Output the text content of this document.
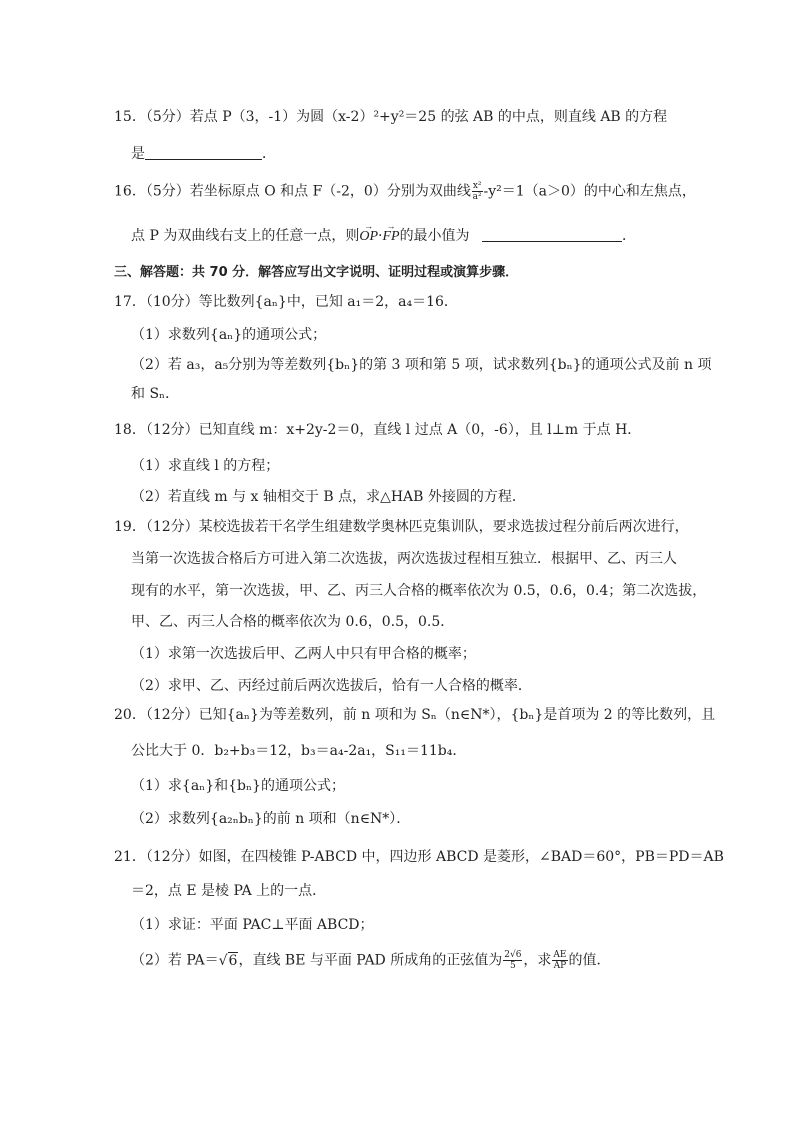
15．（5分）若点 P（3，-1）为圆（x-2）²+y²＝25 的弦 AB 的中点，则直线 AB 的方程
是	．
16．（5分）若坐标原点 O 和点 F（-2，0）分别为双曲线 $\frac{\text{x²}}{\text{a²}} -y^2=1(a>0)$的中心和左焦点，
点 P 为双曲线右支上的任意一点，则→ OP·→ FP的最小值为	．
三、解答题：共 70 分．解答应写出文字说明、证明过程或演算步骤．
17．（10分）等比数列{aₙ}中，已知 a₁＝2，a₄＝16．
（1）求数列{aₙ}的通项公式；
（2）若 a₃，a₅分别为等差数列{bₙ}的第 3 项和第 5 项，试求数列{bₙ}的通项公式及前 n 项
和 Sₙ．
18．（12分）已知直线 m：x+2y-2＝0，直线 l 过点 A（0，-6），且 l⊥m 于点 H．
（1）求直线 l 的方程；
（2）若直线 m 与 x 轴相交于 B 点，求△HAB 外接圆的方程．
19．（12分）某校选拔若干名学生组建数学奥林匹克集训队，要求选拔过程分前后两次进行，
当第一次选拔合格后方可进入第二次选拔，两次选拔过程相互独立．根据甲、乙、丙三人
现有的水平，第一次选拔，甲、乙、丙三人合格的概率依次为 0.5，0.6，0.4；第二次选拔，
甲、乙、丙三人合格的概率依次为 0.6，0.5，0.5．
（1）求第一次选拔后甲、乙两人中只有甲合格的概率；
（2）求甲、乙、丙经过前后两次选拔后，恰有一人合格的概率．
20．（12分）已知{aₙ}为等差数列，前 n 项和为 Sₙ（n∈N*），{bₙ}是首项为 2 的等比数列，且
公比大于 0．b₂+b₃＝12，b₃＝a₄-2a₁，S₁₁＝11b₄．
（1）求{aₙ}和{bₙ}的通项公式；
（2）求数列{a₂ₙbₙ}的前 n 项和（n∈N*）．
21．（12分）如图，在四棱锥 P-ABCD 中，四边形 ABCD 是菱形，∠BAD＝60°，PB＝PD＝AB
＝2，点 E 是棱 PA 上的一点．
（1）求证：平面 PAC⊥平面 ABCD；
（2）若 PA＝√6，直线 BE 与平面 PAD 所成角的正弦值为 $\frac{2√6}{5}$ ，求 $\frac{AE}{AP}$ 的值．
